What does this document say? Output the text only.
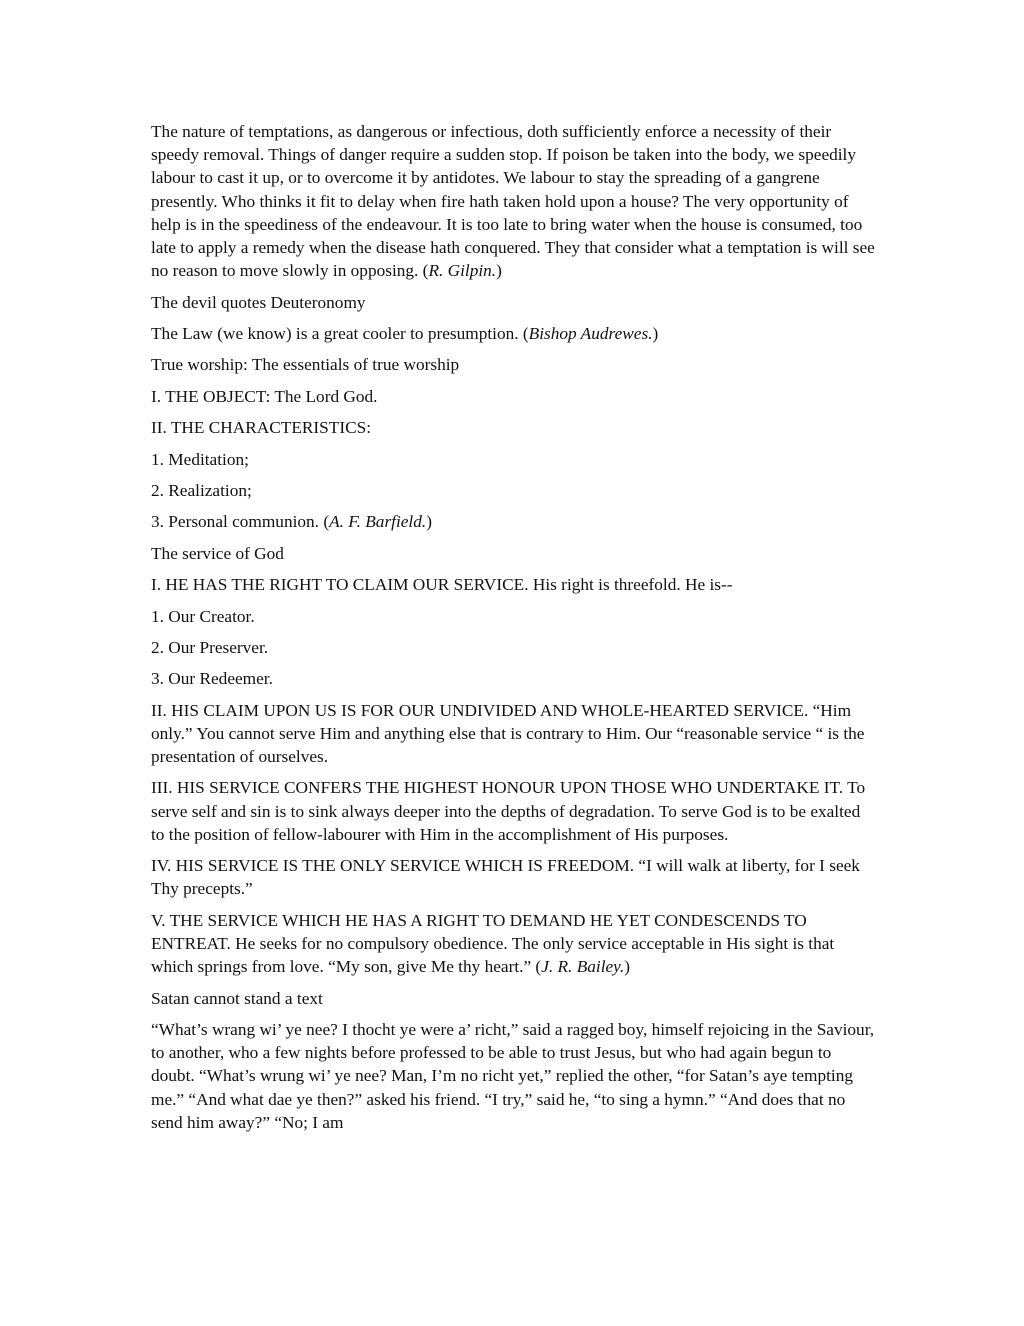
The nature of temptations, as dangerous or infectious, doth sufficiently enforce a necessity of their speedy removal. Things of danger require a sudden stop. If poison be taken into the body, we speedily labour to cast it up, or to overcome it by antidotes. We labour to stay the spreading of a gangrene presently. Who thinks it fit to delay when fire hath taken hold upon a house? The very opportunity of help is in the speediness of the endeavour. It is too late to bring water when the house is consumed, too late to apply a remedy when the disease hath conquered. They that consider what a temptation is will see no reason to move slowly in opposing. (R. Gilpin.)

The devil quotes Deuteronomy

The Law (we know) is a great cooler to presumption. (Bishop Audrewes.)

True worship: The essentials of true worship

I. THE OBJECT: The Lord God.

II. THE CHARACTERISTICS:

1. Meditation;

2. Realization;

3. Personal communion. (A. F. Barfield.)

The service of God

I. HE HAS THE RIGHT TO CLAIM OUR SERVICE. His right is threefold. He is--

1. Our Creator.

2. Our Preserver.

3. Our Redeemer.

II. HIS CLAIM UPON US IS FOR OUR UNDIVIDED AND WHOLE-HEARTED SERVICE. “Him only.” You cannot serve Him and anything else that is contrary to Him. Our “reasonable service “ is the presentation of ourselves.

III. HIS SERVICE CONFERS THE HIGHEST HONOUR UPON THOSE WHO UNDERTAKE IT. To serve self and sin is to sink always deeper into the depths of degradation. To serve God is to be exalted to the position of fellow-labourer with Him in the accomplishment of His purposes.

IV. HIS SERVICE IS THE ONLY SERVICE WHICH IS FREEDOM. “I will walk at liberty, for I seek Thy precepts.”

V. THE SERVICE WHICH HE HAS A RIGHT TO DEMAND HE YET CONDESCENDS TO ENTREAT. He seeks for no compulsory obedience. The only service acceptable in His sight is that which springs from love. “My son, give Me thy heart.” (J. R. Bailey.)

Satan cannot stand a text

“What’s wrang wi’ ye nee? I thocht ye were a’ richt,” said a ragged boy, himself rejoicing in the Saviour, to another, who a few nights before professed to be able to trust Jesus, but who had again begun to doubt. “What’s wrung wi’ ye nee? Man, I’m no richt yet,” replied the other, “for Satan’s aye tempting me.” “And what dae ye then?” asked his friend. “I try,” said he, “to sing a hymn.” “And does that no send him away?” “No; I am
